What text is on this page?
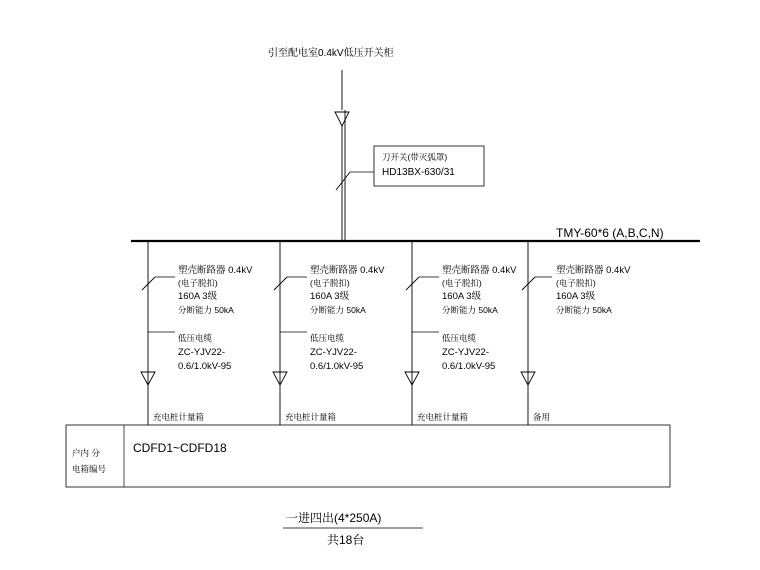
引至配电室0.4kV低压开关柜
刀开关(带灭弧罩)
HD13BX-630/31
TMY-60*6 (A,B,C,N)
塑壳断路器 0.4kV
(电子脱扣)
160A 3级
分断能力 50kA
低压电缆
ZC-YJV22-
0.6/1.0kV-95
充电桩计量箱
塑壳断路器 0.4kV
(电子脱扣)
160A 3级
分断能力 50kA
低压电缆
ZC-YJV22-
0.6/1.0kV-95
充电桩计量箱
塑壳断路器 0.4kV
(电子脱扣)
160A 3级
分断能力 50kA
低压电缆
ZC-YJV22-
0.6/1.0kV-95
充电桩计量箱
塑壳断路器 0.4kV
(电子脱扣)
160A 3级
分断能力 50kA
备用
户内 分
电箱编号
CDFD1~CDFD18
一进四出(4*250A)
共18台
